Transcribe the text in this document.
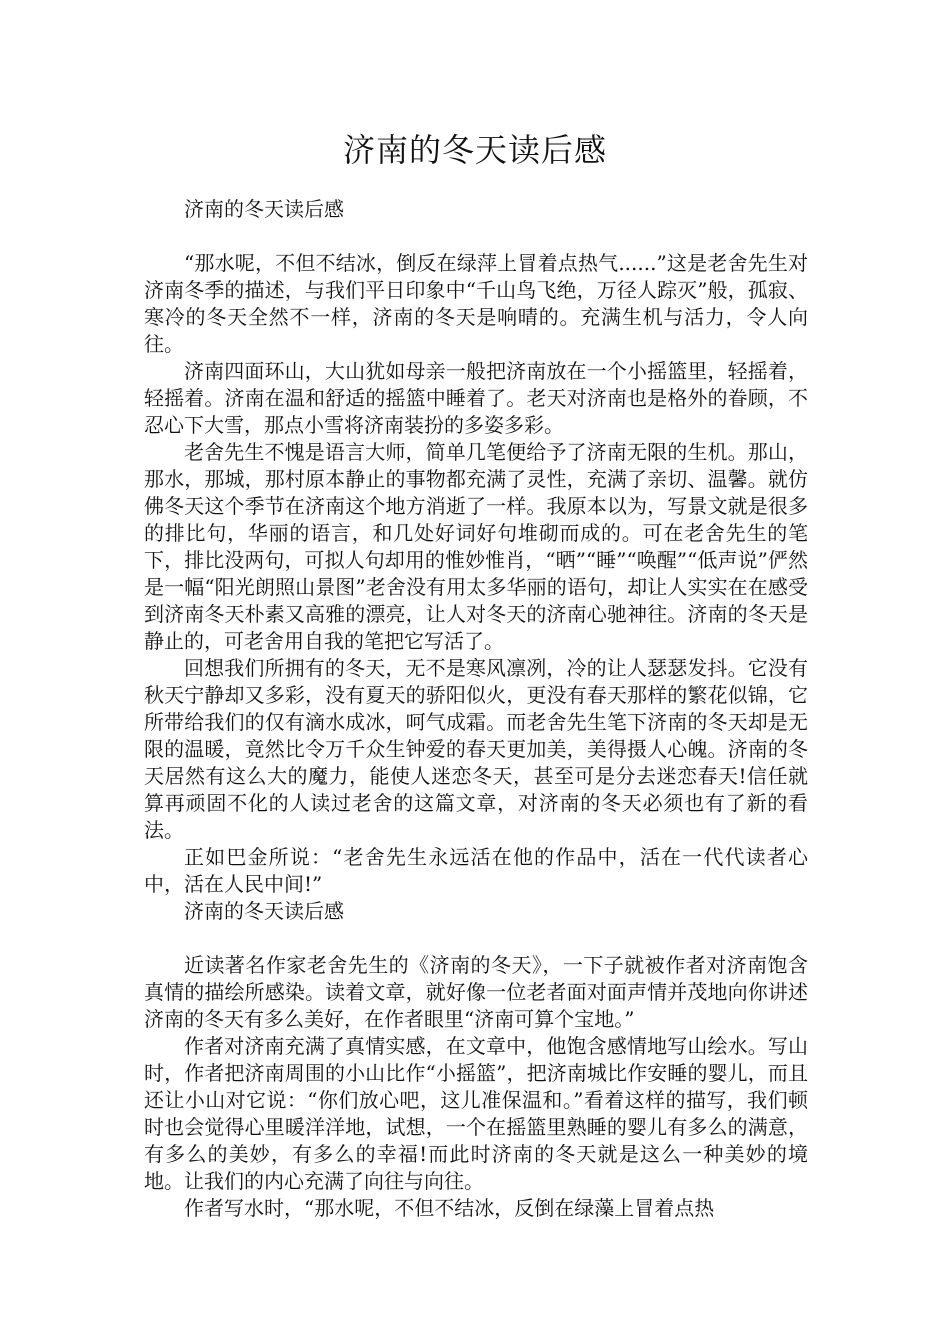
济南的冬天读后感
济南的冬天读后感

“那水呢，不但不结冰，倒反在绿萍上冒着点热气......”这是老舍先生对济南冬季的描述，与我们平日印象中“千山鸟飞绝，万径人踪灭”般，孤寂、寒冷的冬天全然不一样，济南的冬天是响晴的。充满生机与活力，令人向往。

济南四面环山，大山犹如母亲一般把济南放在一个小摇篮里，轻摇着，轻摇着。济南在温和舒适的摇篮中睡着了。老天对济南也是格外的眷顾，不忍心下大雪，那点小雪将济南装扮的多姿多彩。

老舍先生不愧是语言大师，简单几笔便给予了济南无限的生机。那山，那水，那城，那村原本静止的事物都充满了灵性，充满了亲切、温馨。就仿佛冬天这个季节在济南这个地方消逝了一样。我原本以为，写景文就是很多的排比句，华丽的语言，和几处好词好句堆砌而成的。可在老舍先生的笔下，排比没两句，可拟人句却用的惟妙惟肖，“晒”“睡”“唤醒”“低声说”俨然是一幅“阳光朗照山景图”老舍没有用太多华丽的语句，却让人实实在在感受到济南冬天朴素又高雅的漂亮，让人对冬天的济南心驰神往。济南的冬天是静止的，可老舍用自我的笔把它写活了。

回想我们所拥有的冬天，无不是寒风凛冽，冷的让人瑟瑟发抖。它没有秋天宁静却又多彩，没有夏天的骄阳似火，更没有春天那样的繁花似锦，它所带给我们的仅有滴水成冰，呵气成霜。而老舍先生笔下济南的冬天却是无限的温暖，竟然比令万千众生钟爱的春天更加美，美得摄人心魄。济南的冬天居然有这么大的魔力，能使人迷恋冬天，甚至可是分去迷恋春天!信任就算再顽固不化的人读过老舍的这篇文章，对济南的冬天必须也有了新的看法。

正如巴金所说：“老舍先生永远活在他的作品中，活在一代代读者心中，活在人民中间!”

济南的冬天读后感

近读著名作家老舍先生的《济南的冬天》，一下子就被作者对济南饱含真情的描绘所感染。读着文章，就好像一位老者面对面声情并茂地向你讲述济南的冬天有多么美好，在作者眼里“济南可算个宝地。”

作者对济南充满了真情实感，在文章中，他饱含感情地写山绘水。写山时，作者把济南周围的小山比作“小摇篮”，把济南城比作安睡的婴儿，而且还让小山对它说：“你们放心吧，这儿准保温和。”看着这样的描写，我们顿时也会觉得心里暖洋洋地，试想，一个在摇篮里熟睡的婴儿有多么的满意，有多么的美妙，有多么的幸福!而此时济南的冬天就是这么一种美妙的境地。让我们的内心充满了向往与向往。

作者写水时，“那水呢，不但不结冰，反倒在绿藻上冒着点热
